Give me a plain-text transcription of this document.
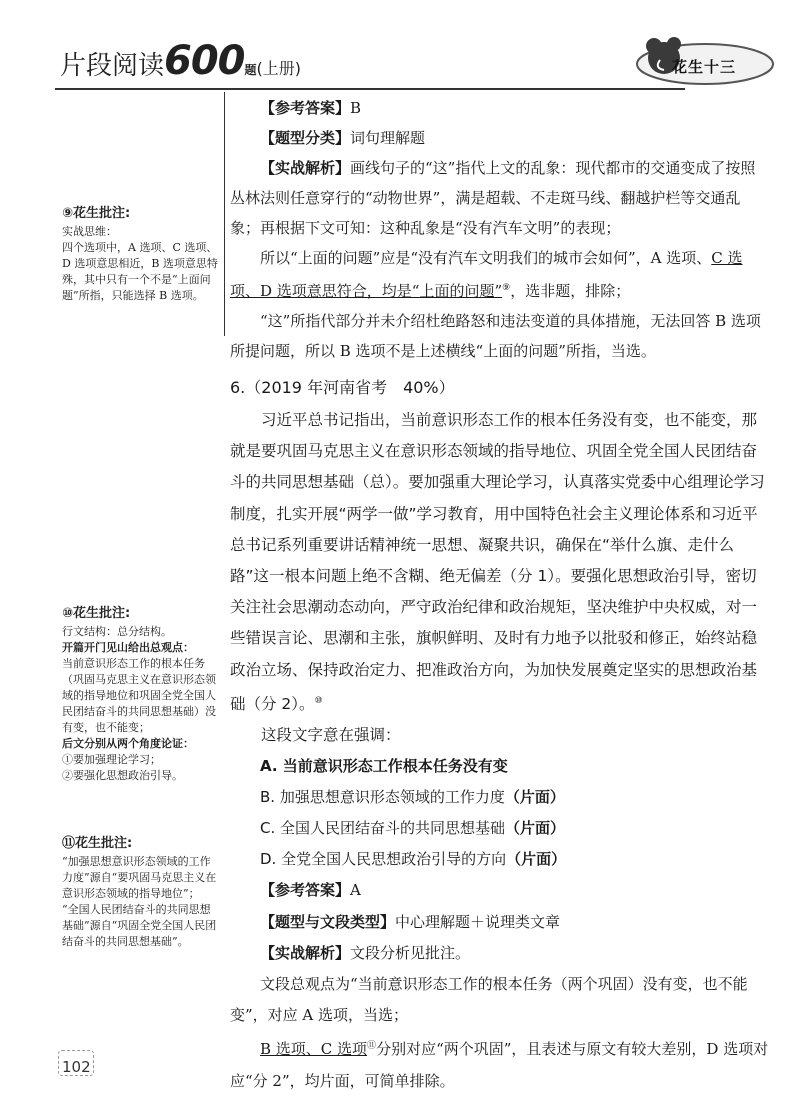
片段阅读600题(上册)	花生十三

【参考答案】B

【题型分类】词句理解题

【实战解析】画线句子的“这”指代上文的乱象：现代都市的交通变成了按照丛林法则任意穿行的“动物世界”，满是超载、不走斑马线、翻越护栏等交通乱象；再根据下文可知：这种乱象是“没有汽车文明”的表现；

所以“上面的问题”应是“没有汽车文明我们的城市会如何”，A 选项、C 选项、D 选项意思符合，均是“上面的问题”⑨，选非题，排除；

“这”所指代部分并未介绍杜绝路怒和违法变道的具体措施，无法回答 B 选项所提问题，所以 B 选项不是上述横线“上面的问题”所指，当选。

⑨花生批注:

实战思维：

四个选项中，A 选项、C 选项、D 选项意思相近，B 选项意思特殊，其中只有一个不是“上面问题”所指，只能选择 B 选项。

6.（2019 年河南省考　40%）

习近平总书记指出，当前意识形态工作的根本任务没有变，也不能变，那就是要巩固马克思主义在意识形态领域的指导地位、巩固全党全国人民团结奋斗的共同思想基础（总）。要加强重大理论学习，认真落实党委中心组理论学习制度，扎实开展“两学一做”学习教育，用中国特色社会主义理论体系和习近平总书记系列重要讲话精神统一思想、凝聚共识，确保在“举什么旗、走什么路”这一根本问题上绝不含糊、绝无偏差（分 1）。要强化思想政治引导，密切关注社会思潮动态动向，严守政治纪律和政治规矩，坚决维护中央权威，对一些错误言论、思潮和主张，旗帜鲜明、及时有力地予以批驳和修正，始终站稳政治立场、保持政治定力、把准政治方向，为加快发展奠定坚实的思想政治基础（分 2）。⑩

这段文字意在强调：

A. 当前意识形态工作根本任务没有变

B. 加强思想意识形态领域的工作力度（片面）

C. 全国人民团结奋斗的共同思想基础（片面）

D. 全党全国人民思想政治引导的方向（片面）

【参考答案】A

【题型与文段类型】中心理解题＋说理类文章

【实战解析】文段分析见批注。

文段总观点为“当前意识形态工作的根本任务（两个巩固）没有变，也不能变”，对应 A 选项，当选；

B 选项、C 选项⑪分别对应“两个巩固”，且表述与原文有较大差别，D 选项对应“分 2”，均片面，可简单排除。

⑩花生批注:

行文结构：总分结构。

开篇开门见山给出总观点：

当前意识形态工作的根本任务（巩固马克思主义在意识形态领域的指导地位和巩固全党全国人民团结奋斗的共同思想基础）没有变，也不能变；

后文分别从两个角度论证：

①要加强理论学习；

②要强化思想政治引导。

⑪花生批注:

“加强思想意识形态领域的工作力度”源自“要巩固马克思主义在意识形态领域的指导地位”；

“全国人民团结奋斗的共同思想基础”源自“巩固全党全国人民团结奋斗的共同思想基础”。

102
